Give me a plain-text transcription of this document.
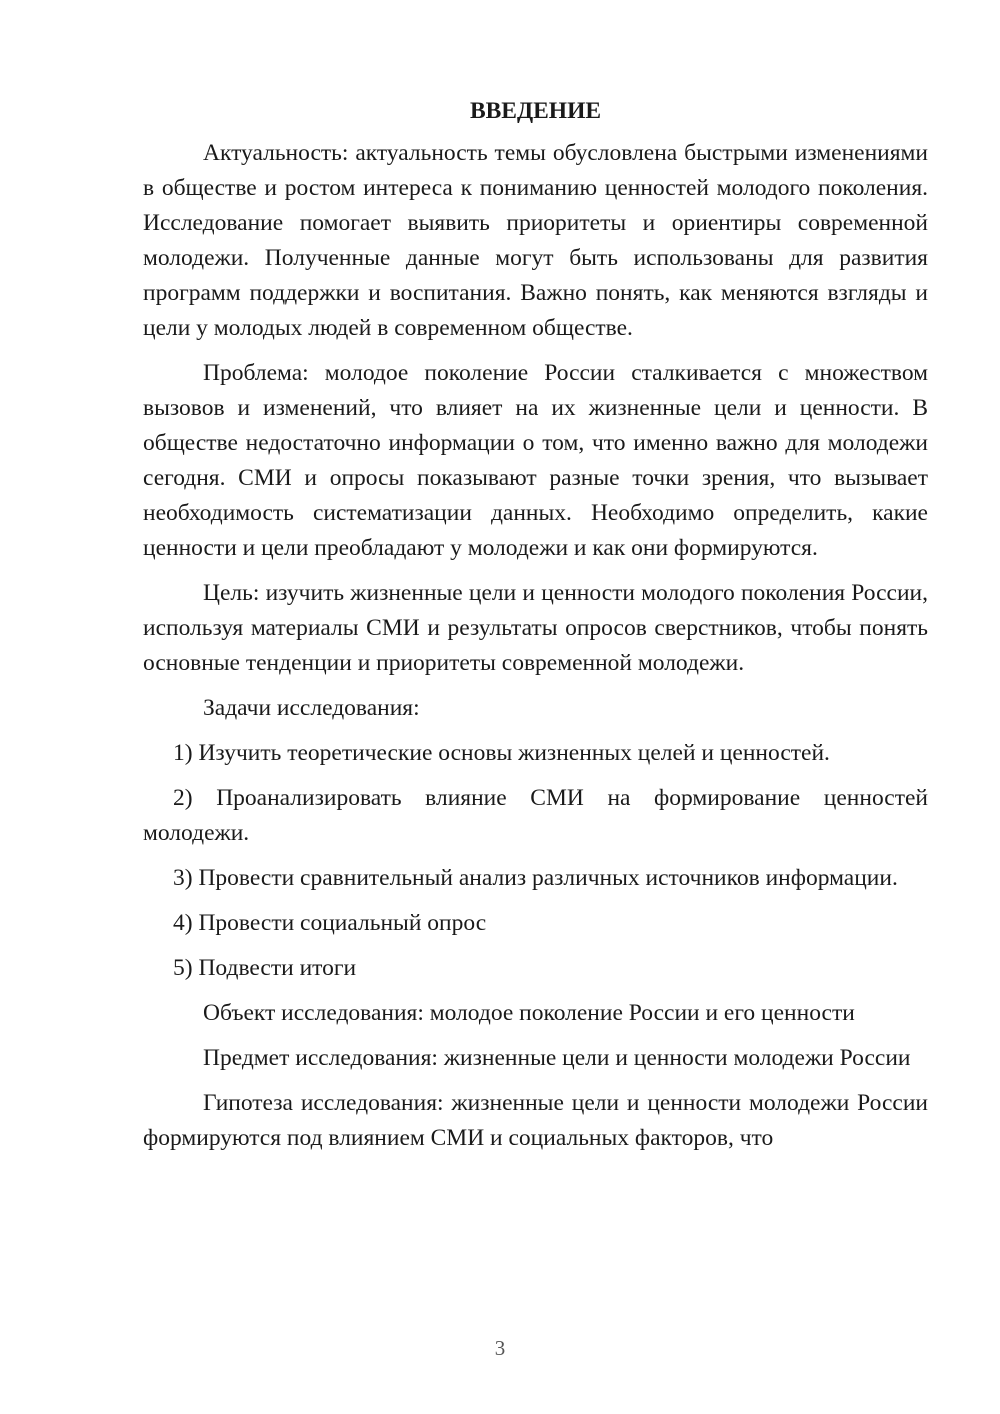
ВВЕДЕНИЕ

Актуальность: актуальность темы обусловлена быстрыми изменениями в обществе и ростом интереса к пониманию ценностей молодого поколения. Исследование помогает выявить приоритеты и ориентиры современной молодежи. Полученные данные могут быть использованы для развития программ поддержки и воспитания. Важно понять, как меняются взгляды и цели у молодых людей в современном обществе.

Проблема: молодое поколение России сталкивается с множеством вызовов и изменений, что влияет на их жизненные цели и ценности. В обществе недостаточно информации о том, что именно важно для молодежи сегодня. СМИ и опросы показывают разные точки зрения, что вызывает необходимость систематизации данных. Необходимо определить, какие ценности и цели преобладают у молодежи и как они формируются.

Цель: изучить жизненные цели и ценности молодого поколения России, используя материалы СМИ и результаты опросов сверстников, чтобы понять основные тенденции и приоритеты современной молодежи.

Задачи исследования:

1) Изучить теоретические основы жизненных целей и ценностей.

2) Проанализировать влияние СМИ на формирование ценностей молодежи.

3) Провести сравнительный анализ различных источников информации.

4) Провести социальный опрос

5) Подвести итоги

Объект исследования: молодое поколение России и его ценности

Предмет исследования: жизненные цели и ценности молодежи России

Гипотеза исследования: жизненные цели и ценности молодежи России формируются под влиянием СМИ и социальных факторов, что

3
